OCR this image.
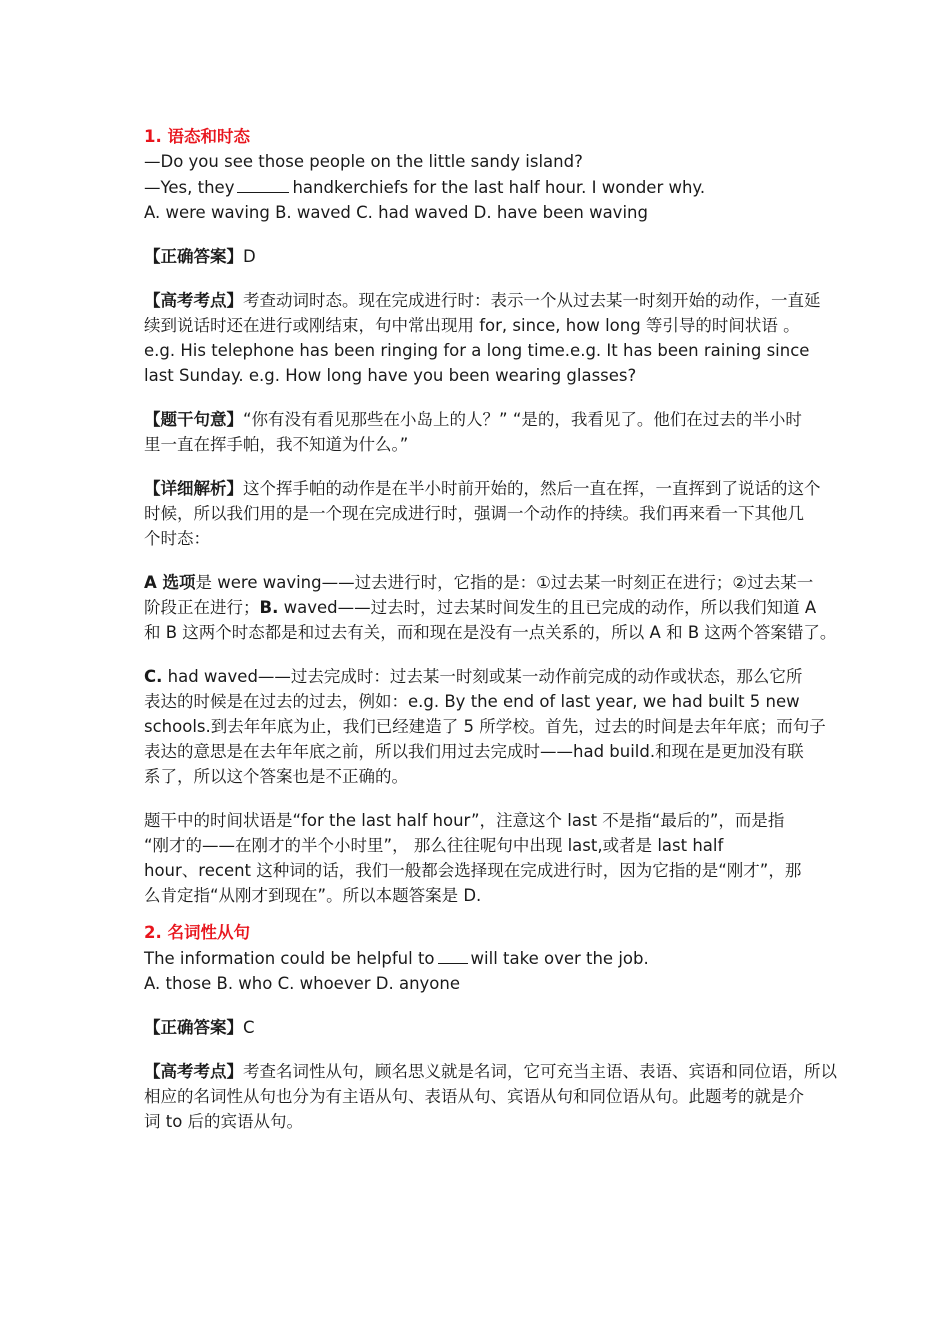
1. 语态和时态
—Do you see those people on the little sandy island?
—Yes, they	handkerchiefs for the last half hour. I wonder why.
A. were waving B. waved C. had waved D. have been waving
【正确答案】D
【高考考点】考查动词时态。现在完成进行时：表示一个从过去某一时刻开始的动作，一直延
续到说话时还在进行或刚结束，句中常出现用 for, since, how long 等引导的时间状语 。
e.g. His telephone has been ringing for a long time.e.g. It has been raining since
last Sunday. e.g. How long have you been wearing glasses?
【题干句意】“你有没有看见那些在小岛上的人？” “是的，我看见了。他们在过去的半小时
里一直在挥手帕，我不知道为什么。”
【详细解析】这个挥手帕的动作是在半小时前开始的，然后一直在挥，一直挥到了说话的这个
时候，所以我们用的是一个现在完成进行时，强调一个动作的持续。我们再来看一下其他几
个时态：
A 选项是 were waving——过去进行时，它指的是：①过去某一时刻正在进行；②过去某一
阶段正在进行；B. waved——过去时，过去某时间发生的且已完成的动作，所以我们知道 A
和 B 这两个时态都是和过去有关，而和现在是没有一点关系的，所以 A 和 B 这两个答案错了。
C. had waved——过去完成时：过去某一时刻或某一动作前完成的动作或状态，那么它所
表达的时候是在过去的过去，例如：e.g. By the end of last year, we had built 5 new
schools.到去年年底为止，我们已经建造了 5 所学校。首先，过去的时间是去年年底；而句子
表达的意思是在去年年底之前，所以我们用过去完成时——had build.和现在是更加没有联
系了，所以这个答案也是不正确的。
题干中的时间状语是“for the last half hour”，注意这个 last 不是指“最后的”，而是指
“刚才的——在刚才的半个小时里”， 那么往往呢句中出现 last,或者是 last half
hour、recent 这种词的话，我们一般都会选择现在完成进行时，因为它指的是“刚才”，那
么肯定指“从刚才到现在”。所以本题答案是 D.
2. 名词性从句
The information could be helpful to will take over the job.
A. those B. who C. whoever D. anyone
【正确答案】C
【高考考点】考查名词性从句，顾名思义就是名词，它可充当主语、表语、宾语和同位语，所以
相应的名词性从句也分为有主语从句、表语从句、宾语从句和同位语从句。此题考的就是介
词 to 后的宾语从句。
